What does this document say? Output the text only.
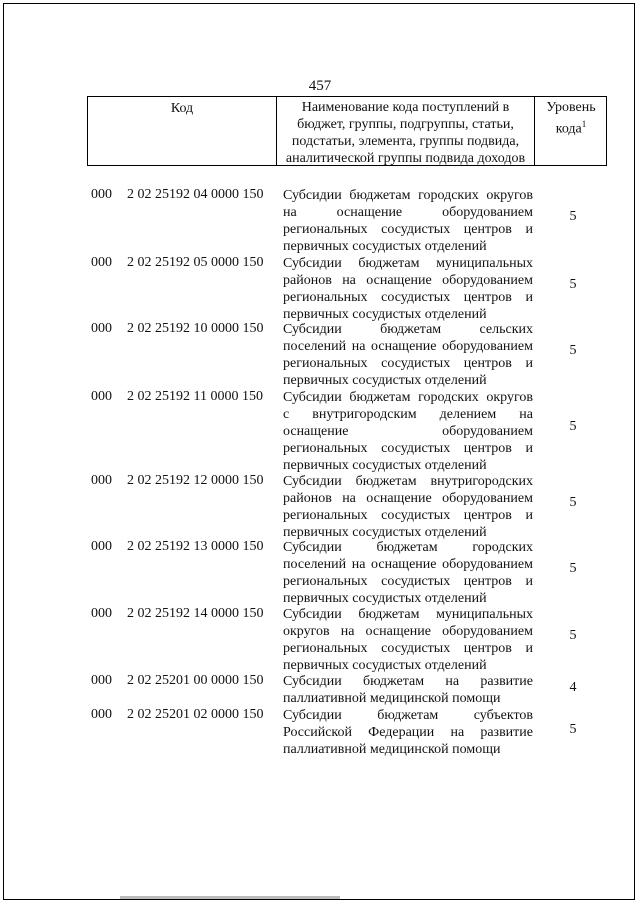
457
Код	Наименование кода поступлений в
бюджет, группы, подгруппы, статьи,
подстатьи, элемента, группы подвида,
аналитической группы подвида доходов
Уровень
кода$^1$
000 2 02 25192 04 0000 150 Субсидии бюджетам городских округов
на оснащение оборудованием
региональных сосудистых центров и
первичных сосудистых отделений
5
000 2 02 25192 05 0000 150 Субсидии бюджетам муниципальных
районов на оснащение оборудованием
региональных сосудистых центров и
первичных сосудистых отделений
5
000 2 02 25192 10 0000 150 Субсидии бюджетам сельских
поселений на оснащение оборудованием
региональных сосудистых центров и
первичных сосудистых отделений
5
000 2 02 25192 11 0000 150 Субсидии бюджетам городских округов
с внутригородским делением на
оснащение оборудованием
региональных сосудистых центров и
первичных сосудистых отделений
5
000 2 02 25192 12 0000 150 Субсидии бюджетам внутригородских
районов на оснащение оборудованием
региональных сосудистых центров и
первичных сосудистых отделений
5
000 2 02 25192 13 0000 150 Субсидии бюджетам городских
поселений на оснащение оборудованием
региональных сосудистых центров и
первичных сосудистых отделений
5
000 2 02 25192 14 0000 150 Субсидии бюджетам муниципальных
округов на оснащение оборудованием
региональных сосудистых центров и
первичных сосудистых отделений
5
000 2 02 25201 00 0000 150 Субсидии бюджетам на развитие
паллиативной медицинской помощи
4
000 2 02 25201 02 0000 150 Субсидии бюджетам субъектов
Российской Федерации на развитие
паллиативной медицинской помощи
5
